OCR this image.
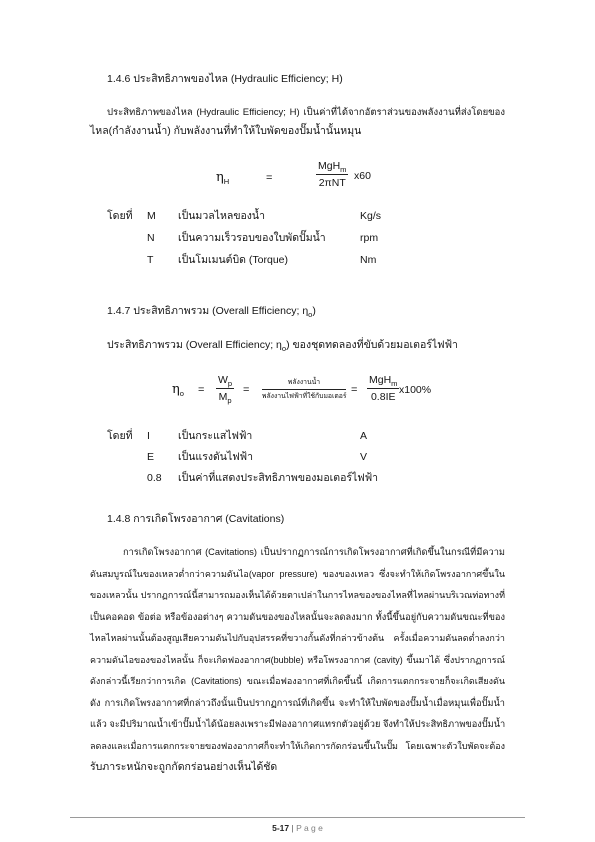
1.4.6 ประสิทธิภาพของไหล (Hydraulic Efficiency; H)
ประสิทธิภาพของไหล (Hydraulic Efficiency; H) เป็นค่าที่ได้จากอัตราส่วนของพลังงานที่ส่งโดยของ
ไหล(กำลังงานน้ำ) กับพลังงานที่ทำให้ใบพัดของปั๊มน้ำนั้นหมุน
$\eta_H$	=
MgH$_m$
2πNT
x60
โดยที่ M เป็นมวลไหลของน้ำ	Kg/s
N เป็นความเร็วรอบของใบพัดปั๊มน้ำ	rpm
T เป็นโมเมนต์บิด (Torque)	Nm
1.4.7 ประสิทธิภาพรวม (Overall Efficiency; $\eta_o$)
ประสิทธิภาพรวม (Overall Efficiency; $\eta_o$) ของชุดทดลองที่ขับด้วยมอเตอร์ไฟฟ้า
$\eta_o$ =
$W_p$
$M_p$
=
พลังงานน้ำ
พลังงานไฟฟ้าที่ใช้กับมอเตอร์
=
MgH$_m$
0.8IE
x100%
โดยที่ I	เป็นกระแสไฟฟ้า	A
E เป็นแรงดันไฟฟ้า	V
0.8 เป็นค่าที่แสดงประสิทธิภาพของมอเตอร์ไฟฟ้า
1.4.8 การเกิดโพรงอากาศ (Cavitations)
การเกิดโพรงอากาศ (Cavitations) เป็นปรากฏการณ์การเกิดโพรงอากาศที่เกิดขึ้นในกรณีที่มีความ
ดันสมบูรณ์ในของเหลวต่ำกว่าความดันไอ(vapor pressure) ของของเหลว ซึ่งจะทำให้เกิดโพรงอากาศขึ้นใน
ของเหลวนั้น ปรากฏการณ์นี้สามารถมองเห็นได้ด้วยตาเปล่าในการไหลของของไหลที่ไหลผ่านบริเวณท่อทางที่
เป็นคอคอด ข้อต่อ หรือข้องอต่างๆ ความดันของของไหลนั้นจะลดลงมาก ทั้งนี้ขึ้นอยู่กับความดันขณะที่ของ
ไหลไหลผ่านนั้นต้องสูญเสียความดันไปกับอุปสรรคที่ขวางกั้นดังที่กล่าวข้างต้น ครั้งเมื่อความดันลดต่ำลงกว่า
ความดันไอของของไหลนั้น ก็จะเกิดฟองอากาศ(bubble) หรือโพรงอากาศ (cavity) ขึ้นมาได้ ซึ่งปรากฏการณ์
ดังกล่าวนี้เรียกว่าการเกิด (Cavitations) ขณะเมื่อฟองอากาศที่เกิดขึ้นนี้ เกิดการแตกกระจายก็จะเกิดเสียงดัน
ดัง การเกิดโพรงอากาศที่กล่าวถึงนั้นเป็นปรากฏการณ์ที่เกิดขึ้น จะทำให้ใบพัดของปั๊มน้ำเมื่อหมุนเพื่อปั๊มน้ำ
แล้ว จะมีปริมาณน้ำเข้าปั๊มน้ำได้น้อยลงเพราะมีฟองอากาศแทรกตัวอยู่ด้วย จึงทำให้ประสิทธิภาพของปั๊มน้ำ
ลดลงและเมื่อการแตกกระจายของฟองอากาศก็จะทำให้เกิดการกัดกร่อนขึ้นในปั๊ม โดยเฉพาะตัวใบพัดจะต้อง
รับภาระหนักจะถูกกัดกร่อนอย่างเห็นได้ชัด
5-17 | P a g e
